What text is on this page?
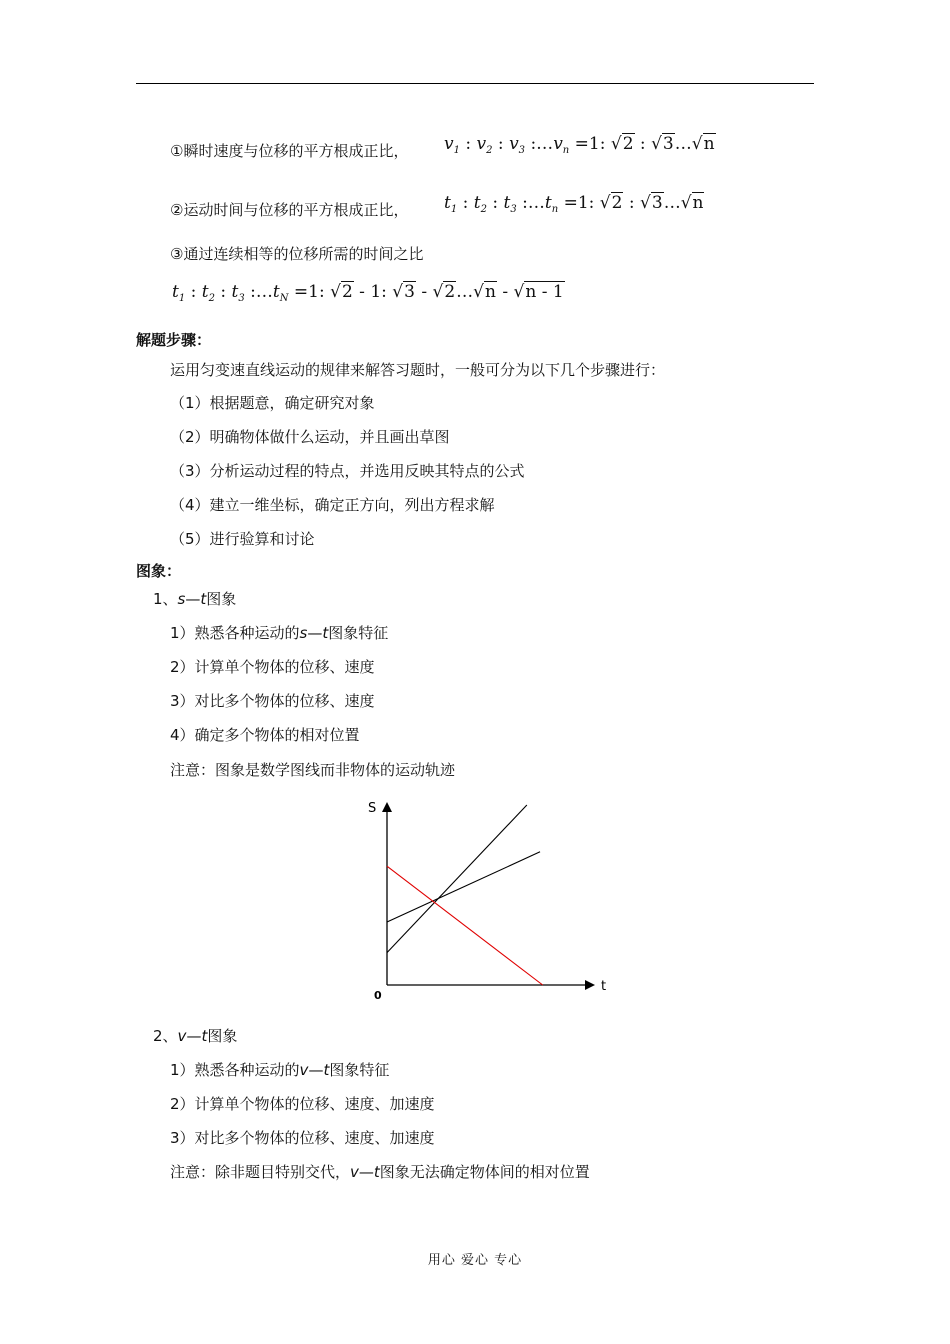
①瞬时速度与位移的平方根成正比， $v_1$ : $v_2$ : $v_3$ $:\dots v_n =1$: √2 : √3…√n
②运动时间与位移的平方根成正比， $t_1$ : $t_2$ : $t_3$ $:\dots t_n =1$: √2 : √3…√n
③通过连续相等的位移所需的时间之比
$t_1$ : $t_2$ : $t_3$ $:\dots t_N =1$: √2 - 1: √3 - √2…√n - √n - 1
解题步骤：
运用匀变速直线运动的规律来解答习题时，一般可分为以下几个步骤进行：
（1）根据题意，确定研究对象
（2）明确物体做什么运动，并且画出草图
（3）分析运动过程的特点，并选用反映其特点的公式
（4）建立一维坐标，确定正方向，列出方程求解
（5）进行验算和讨论
图象：
1、s—t图象
1）熟悉各种运动的s—t图象特征
2）计算单个物体的位移、速度
3）对比多个物体的位移、速度
4）确定多个物体的相对位置
注意：图象是数学图线而非物体的运动轨迹
S
t
0
2、v—t图象
1）熟悉各种运动的v—t图象特征
2）计算单个物体的位移、速度、加速度
3）对比多个物体的位移、速度、加速度
注意：除非题目特别交代，v—t图象无法确定物体间的相对位置
用心 爱心 专心
